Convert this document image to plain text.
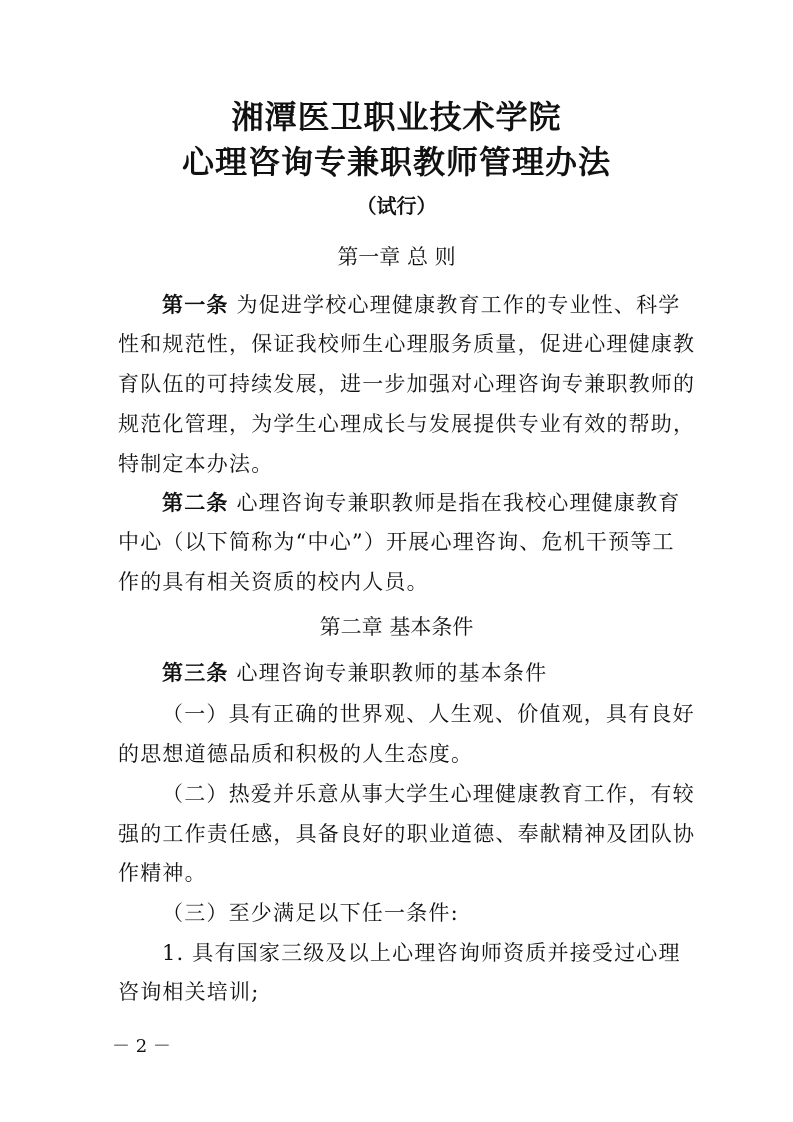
湘潭医卫职业技术学院
心理咨询专兼职教师管理办法
（试行）
第一章 总 则
第一条 为促进学校心理健康教育工作的专业性、科学
性和规范性，保证我校师生心理服务质量，促进心理健康教
育队伍的可持续发展，进一步加强对心理咨询专兼职教师的
规范化管理，为学生心理成长与发展提供专业有效的帮助，
特制定本办法。
第二条 心理咨询专兼职教师是指在我校心理健康教育
中心（以下简称为“中心”）开展心理咨询、危机干预等工
作的具有相关资质的校内人员。
第二章 基本条件
第三条 心理咨询专兼职教师的基本条件
（一）具有正确的世界观、人生观、价值观，具有良好
的思想道德品质和积极的人生态度。
（二）热爱并乐意从事大学生心理健康教育工作，有较
强的工作责任感，具备良好的职业道德、奉献精神及团队协
作精神。
（三）至少满足以下任一条件:
1. 具有国家三级及以上心理咨询师资质并接受过心理
咨询相关培训;
－ 2 －
